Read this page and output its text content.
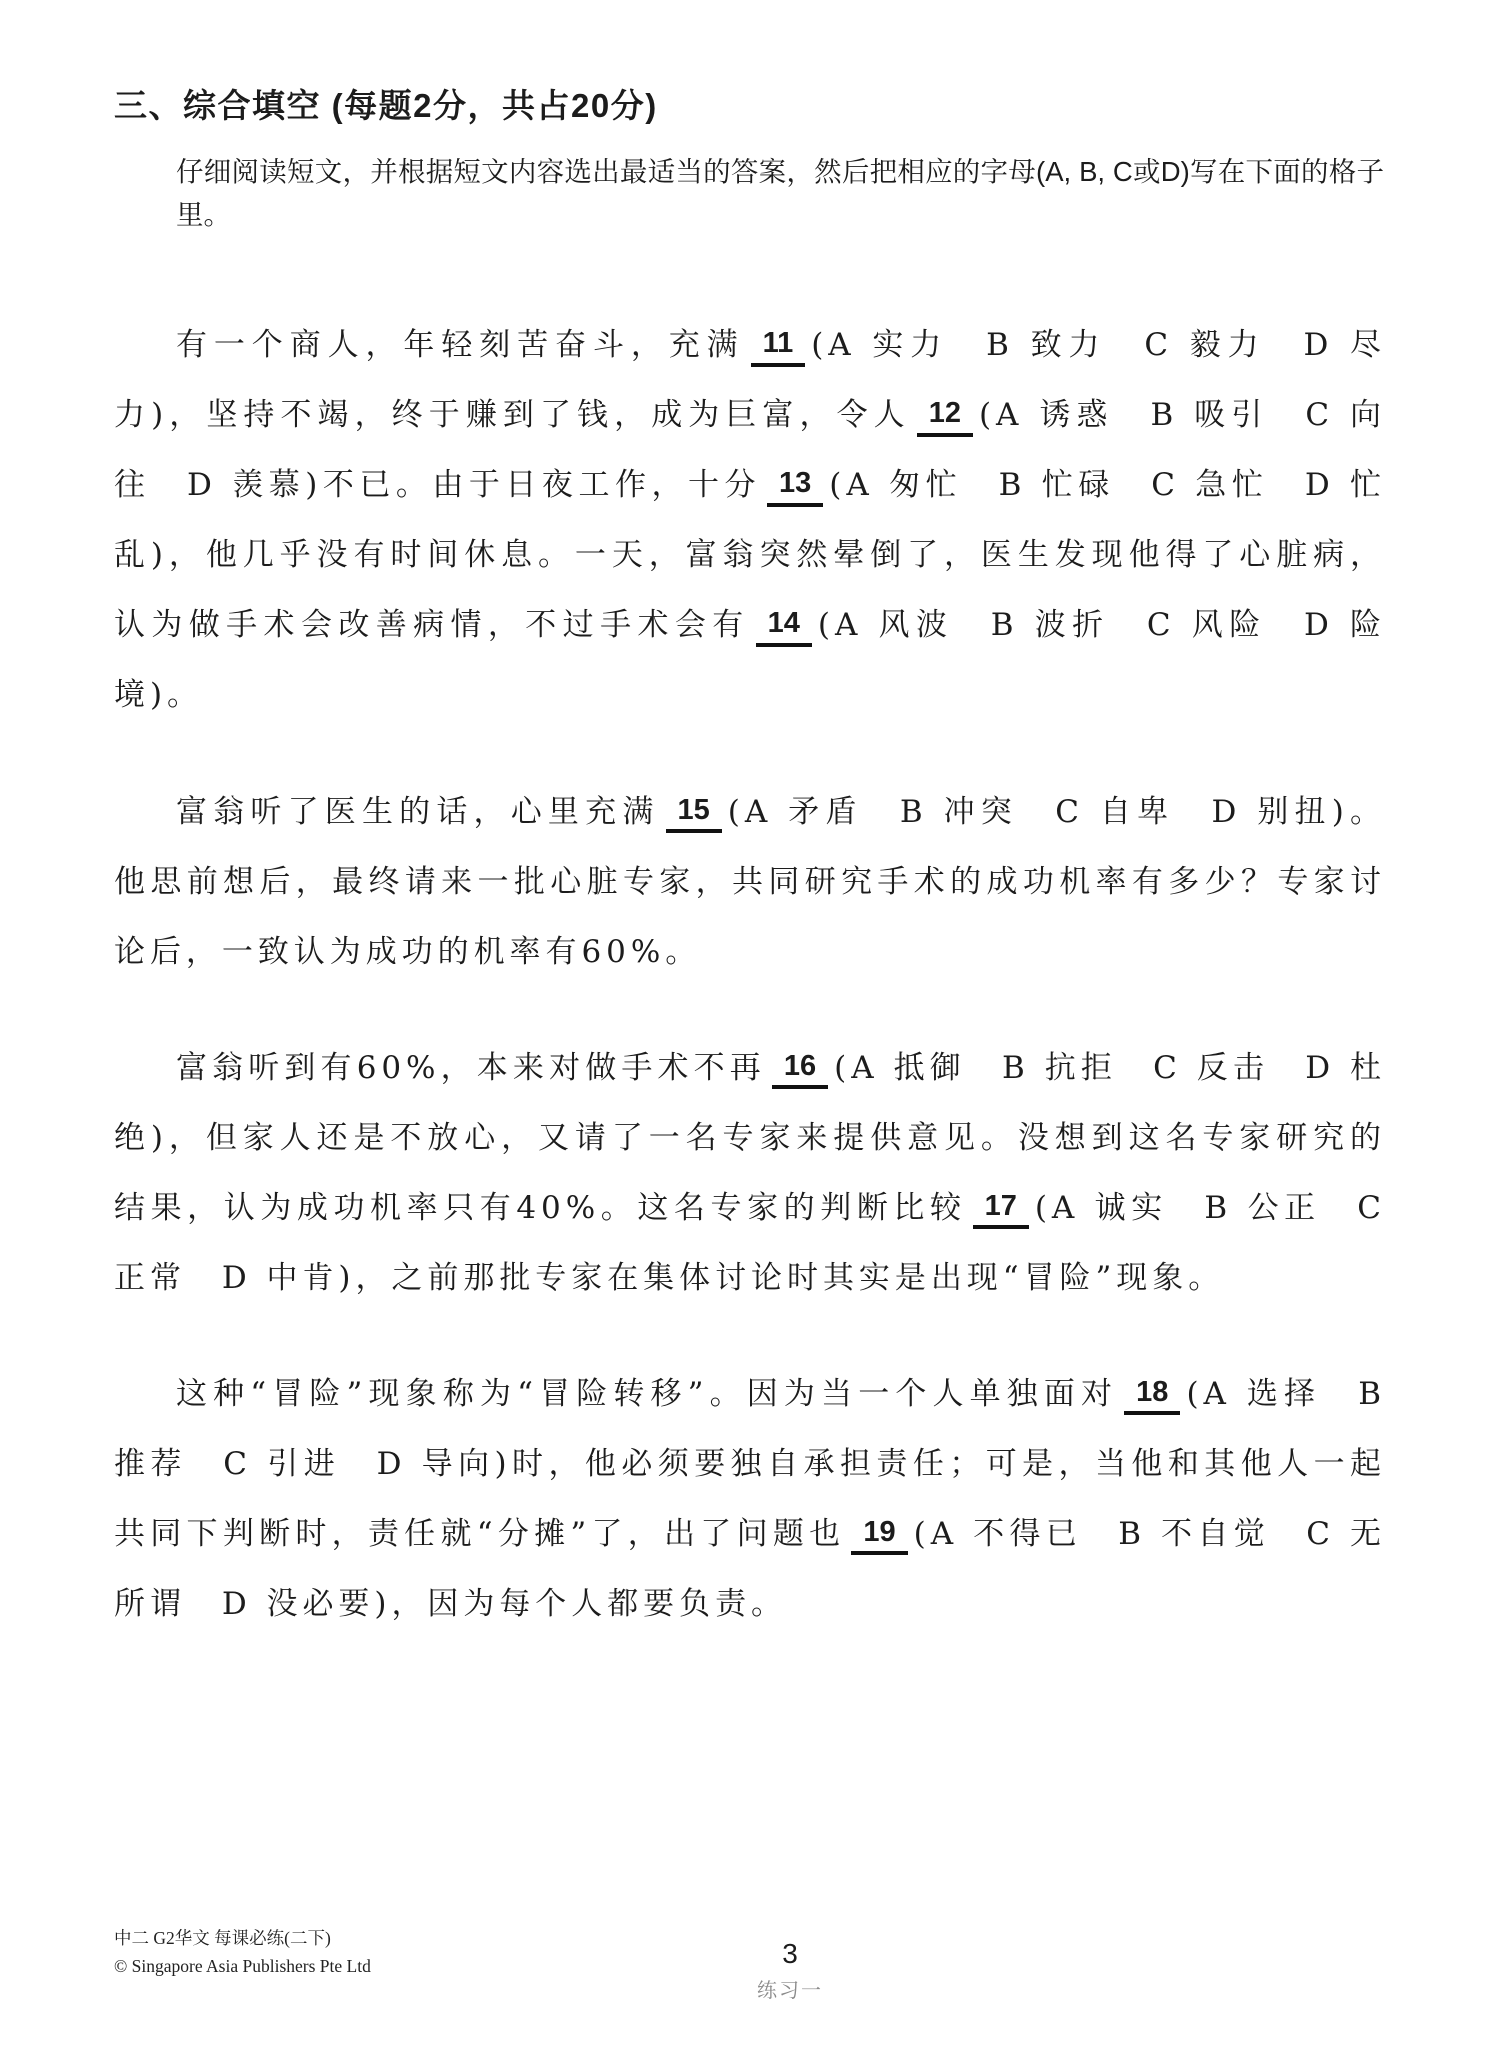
三、综合填空 (每题2分，共占20分)
仔细阅读短文，并根据短文内容选出最适当的答案，然后把相应的字母(A, B, C或D)写在下面的格子里。

有一个商人，年轻刻苦奋斗，充满 11 (A 实力　B 致力　C 毅力　D 尽力)，坚持不竭，终于赚到了钱，成为巨富，令人 12 (A 诱惑　B 吸引　C 向往　D 羡慕)不已。由于日夜工作，十分 13 (A 匆忙　B 忙碌　C 急忙　D 忙乱)，他几乎没有时间休息。一天，富翁突然晕倒了，医生发现他得了心脏病，认为做手术会改善病情，不过手术会有 14 (A 风波　B 波折　C 风险　D 险境)。

富翁听了医生的话，心里充满 15 (A 矛盾　B 冲突　C 自卑　D 别扭)。他思前想后，最终请来一批心脏专家，共同研究手术的成功机率有多少？专家讨论后，一致认为成功的机率有60%。

富翁听到有60%，本来对做手术不再 16 (A 抵御　B 抗拒　C 反击　D 杜绝)，但家人还是不放心，又请了一名专家来提供意见。没想到这名专家研究的结果，认为成功机率只有40%。这名专家的判断比较 17 (A 诚实　B 公正　C 正常　D 中肯)，之前那批专家在集体讨论时其实是出现“冒险”现象。

这种“冒险”现象称为“冒险转移”。因为当一个人单独面对 18 (A 选择　B 推荐　C 引进　D 导向)时，他必须要独自承担责任；可是，当他和其他人一起共同下判断时，责任就“分摊”了，出了问题也 19 (A 不得已　B 不自觉　C 无所谓　D 没必要)，因为每个人都要负责。

中二 G2华文 每课必练(二下)
© Singapore Asia Publishers Pte Ltd	3
练习一
